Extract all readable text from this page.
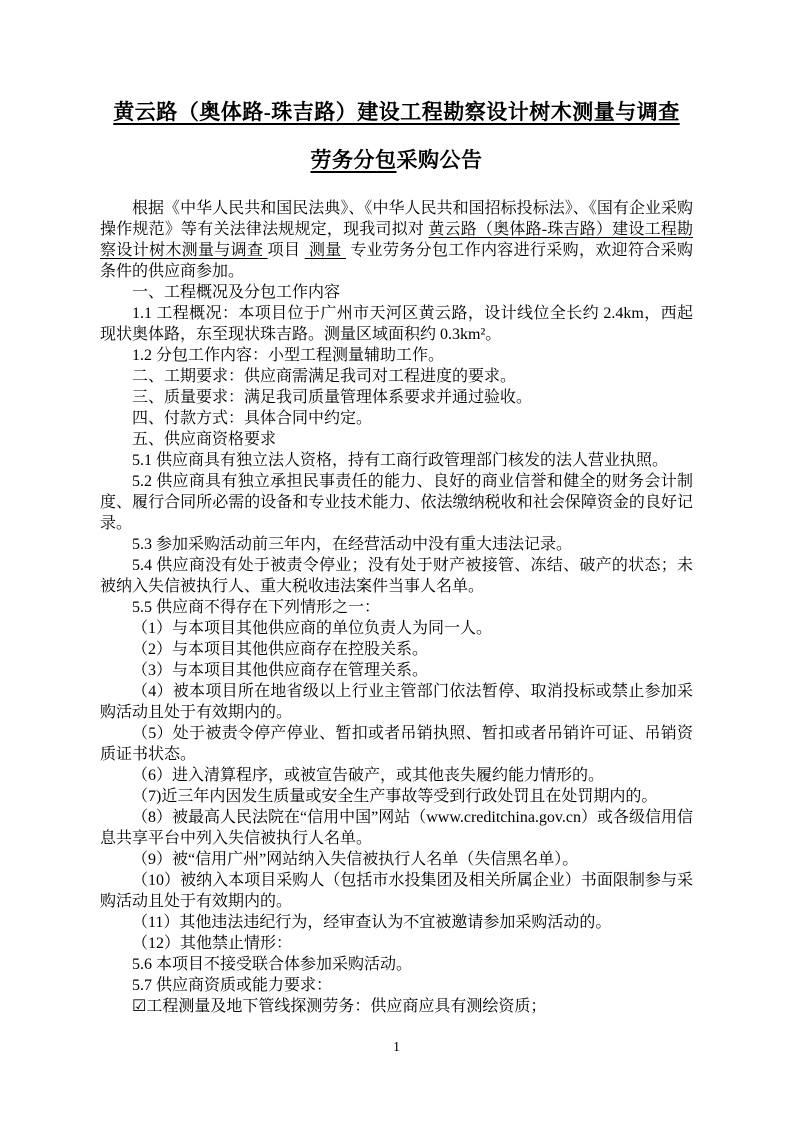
黄云路（奥体路-珠吉路）建设工程勘察设计树木测量与调查
劳务分包采购公告

根据《中华人民共和国民法典》、《中华人民共和国招标投标法》、《国有企业采购操作规范》等有关法律法规规定，现我司拟对 黄云路（奥体路-珠吉路）建设工程勘察设计树木测量与调查 项目  测量  专业劳务分包工作内容进行采购，欢迎符合采购条件的供应商参加。

一、工程概况及分包工作内容

1.1 工程概况：本项目位于广州市天河区黄云路，设计线位全长约 2.4km，西起现状奥体路，东至现状珠吉路。测量区域面积约 0.3km²。

1.2 分包工作内容：小型工程测量辅助工作。

二、工期要求：供应商需满足我司对工程进度的要求。

三、质量要求：满足我司质量管理体系要求并通过验收。

四、付款方式：具体合同中约定。

五、供应商资格要求

5.1 供应商具有独立法人资格，持有工商行政管理部门核发的法人营业执照。

5.2 供应商具有独立承担民事责任的能力、良好的商业信誉和健全的财务会计制度、履行合同所必需的设备和专业技术能力、依法缴纳税收和社会保障资金的良好记录。

5.3 参加采购活动前三年内，在经营活动中没有重大违法记录。

5.4 供应商没有处于被责令停业；没有处于财产被接管、冻结、破产的状态；未被纳入失信被执行人、重大税收违法案件当事人名单。

5.5 供应商不得存在下列情形之一：

（1）与本项目其他供应商的单位负责人为同一人。

（2）与本项目其他供应商存在控股关系。

（3）与本项目其他供应商存在管理关系。

（4）被本项目所在地省级以上行业主管部门依法暂停、取消投标或禁止参加采购活动且处于有效期内的。

（5）处于被责令停产停业、暂扣或者吊销执照、暂扣或者吊销许可证、吊销资质证书状态。

（6）进入清算程序，或被宣告破产，或其他丧失履约能力情形的。

（7)近三年内因发生质量或安全生产事故等受到行政处罚且在处罚期内的。

（8）被最高人民法院在“信用中国”网站（www.creditchina.gov.cn）或各级信用信息共享平台中列入失信被执行人名单。

（9）被“信用广州”网站纳入失信被执行人名单（失信黑名单）。

（10）被纳入本项目采购人（包括市水投集团及相关所属企业）书面限制参与采购活动且处于有效期内的。

（11）其他违法违纪行为，经审查认为不宜被邀请参加采购活动的。

（12）其他禁止情形：

5.6 本项目不接受联合体参加采购活动。

5.7 供应商资质或能力要求：

☑工程测量及地下管线探测劳务：供应商应具有测绘资质；

1
